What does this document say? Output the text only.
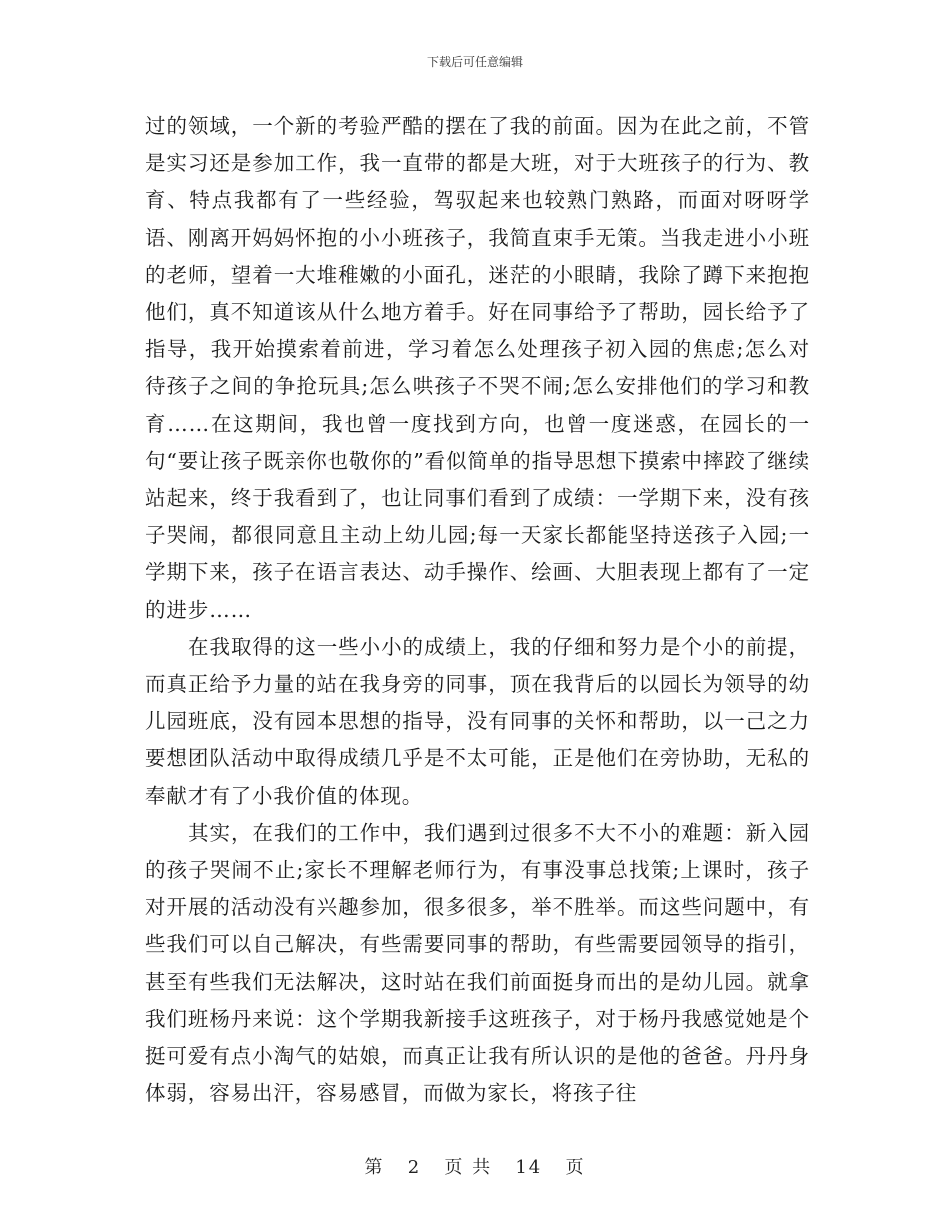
下载后可任意编辑

过的领域，一个新的考验严酷的摆在了我的前面。因为在此之前，不管是实习还是参加工作，我一直带的都是大班，对于大班孩子的行为、教育、特点我都有了一些经验，驾驭起来也较熟门熟路，而面对呀呀学语、刚离开妈妈怀抱的小小班孩子，我简直束手无策。当我走进小小班的老师，望着一大堆稚嫩的小面孔，迷茫的小眼睛，我除了蹲下来抱抱他们，真不知道该从什么地方着手。好在同事给予了帮助，园长给予了指导，我开始摸索着前进，学习着怎么处理孩子初入园的焦虑;怎么对待孩子之间的争抢玩具;怎么哄孩子不哭不闹;怎么安排他们的学习和教育……在这期间，我也曾一度找到方向，也曾一度迷惑，在园长的一句“要让孩子既亲你也敬你的”看似简单的指导思想下摸索中摔跤了继续站起来，终于我看到了，也让同事们看到了成绩：一学期下来，没有孩子哭闹，都很同意且主动上幼儿园;每一天家长都能坚持送孩子入园;一学期下来，孩子在语言表达、动手操作、绘画、大胆表现上都有了一定的进步……

在我取得的这一些小小的成绩上，我的仔细和努力是个小的前提，而真正给予力量的站在我身旁的同事，顶在我背后的以园长为领导的幼儿园班底，没有园本思想的指导，没有同事的关怀和帮助，以一己之力要想团队活动中取得成绩几乎是不太可能，正是他们在旁协助，无私的奉献才有了小我价值的体现。

其实，在我们的工作中，我们遇到过很多不大不小的难题：新入园的孩子哭闹不止;家长不理解老师行为，有事没事总找策;上课时，孩子对开展的活动没有兴趣参加，很多很多，举不胜举。而这些问题中，有些我们可以自己解决，有些需要同事的帮助，有些需要园领导的指引，甚至有些我们无法解决，这时站在我们前面挺身而出的是幼儿园。就拿我们班杨丹来说：这个学期我新接手这班孩子，对于杨丹我感觉她是个挺可爱有点小淘气的姑娘，而真正让我有所认识的是他的爸爸。丹丹身体弱，容易出汗，容易感冒，而做为家长，将孩子往

第 2 页 共 14 页
